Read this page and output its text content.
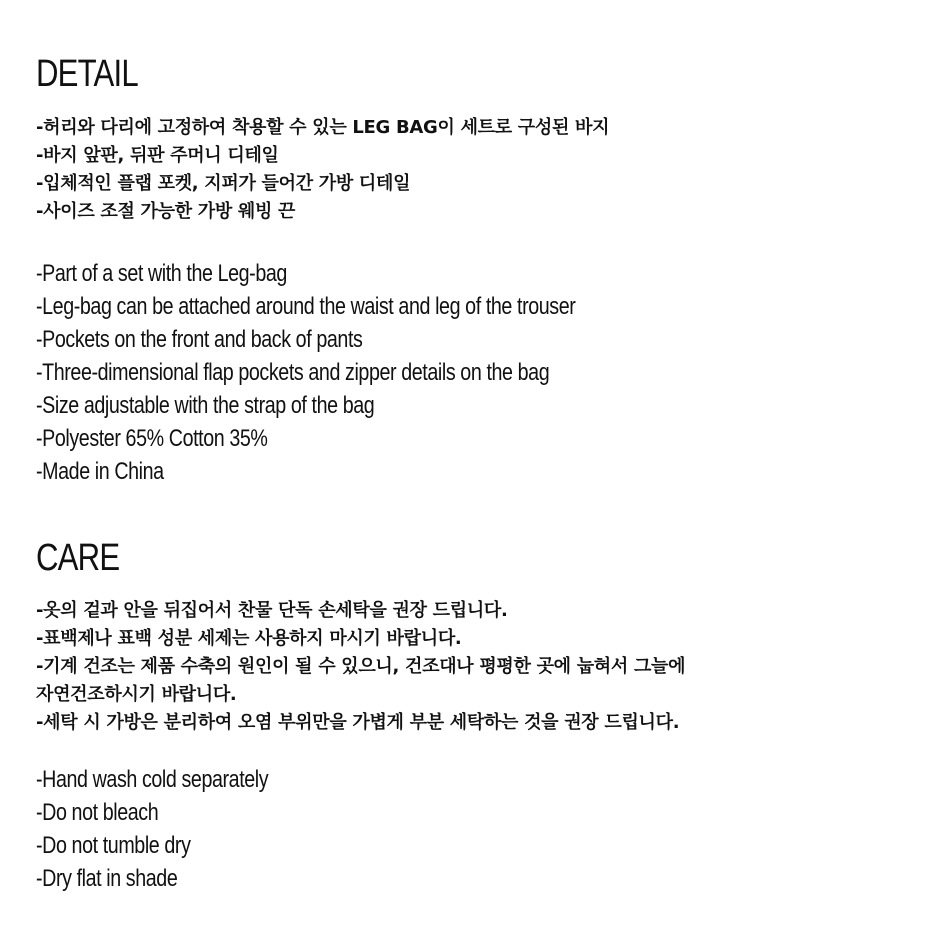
DETAIL
-허리와 다리에 고정하여 착용할 수 있는 LEG BAG이 세트로 구성된 바지
-바지 앞판, 뒤판 주머니 디테일
-입체적인 플랩 포켓, 지퍼가 들어간 가방 디테일
-사이즈 조절 가능한 가방 웨빙 끈
-Part of a set with the Leg-bag
-Leg-bag can be attached around the waist and leg of the trouser
-Pockets on the front and back of pants
-Three-dimensional flap pockets and zipper details on the bag
-Size adjustable with the strap of the bag
-Polyester 65% Cotton 35%
-Made in China
CARE
-옷의 겉과 안을 뒤집어서 찬물 단독 손세탁을 권장 드립니다.
-표백제나 표백 성분 세제는 사용하지 마시기 바랍니다.
-기계 건조는 제품 수축의 원인이 될 수 있으니, 건조대나 평평한 곳에 눕혀서 그늘에
자연건조하시기 바랍니다.
-세탁 시 가방은 분리하여 오염 부위만을 가볍게 부분 세탁하는 것을 권장 드립니다.
-Hand wash cold separately
-Do not bleach
-Do not tumble dry
-Dry flat in shade
